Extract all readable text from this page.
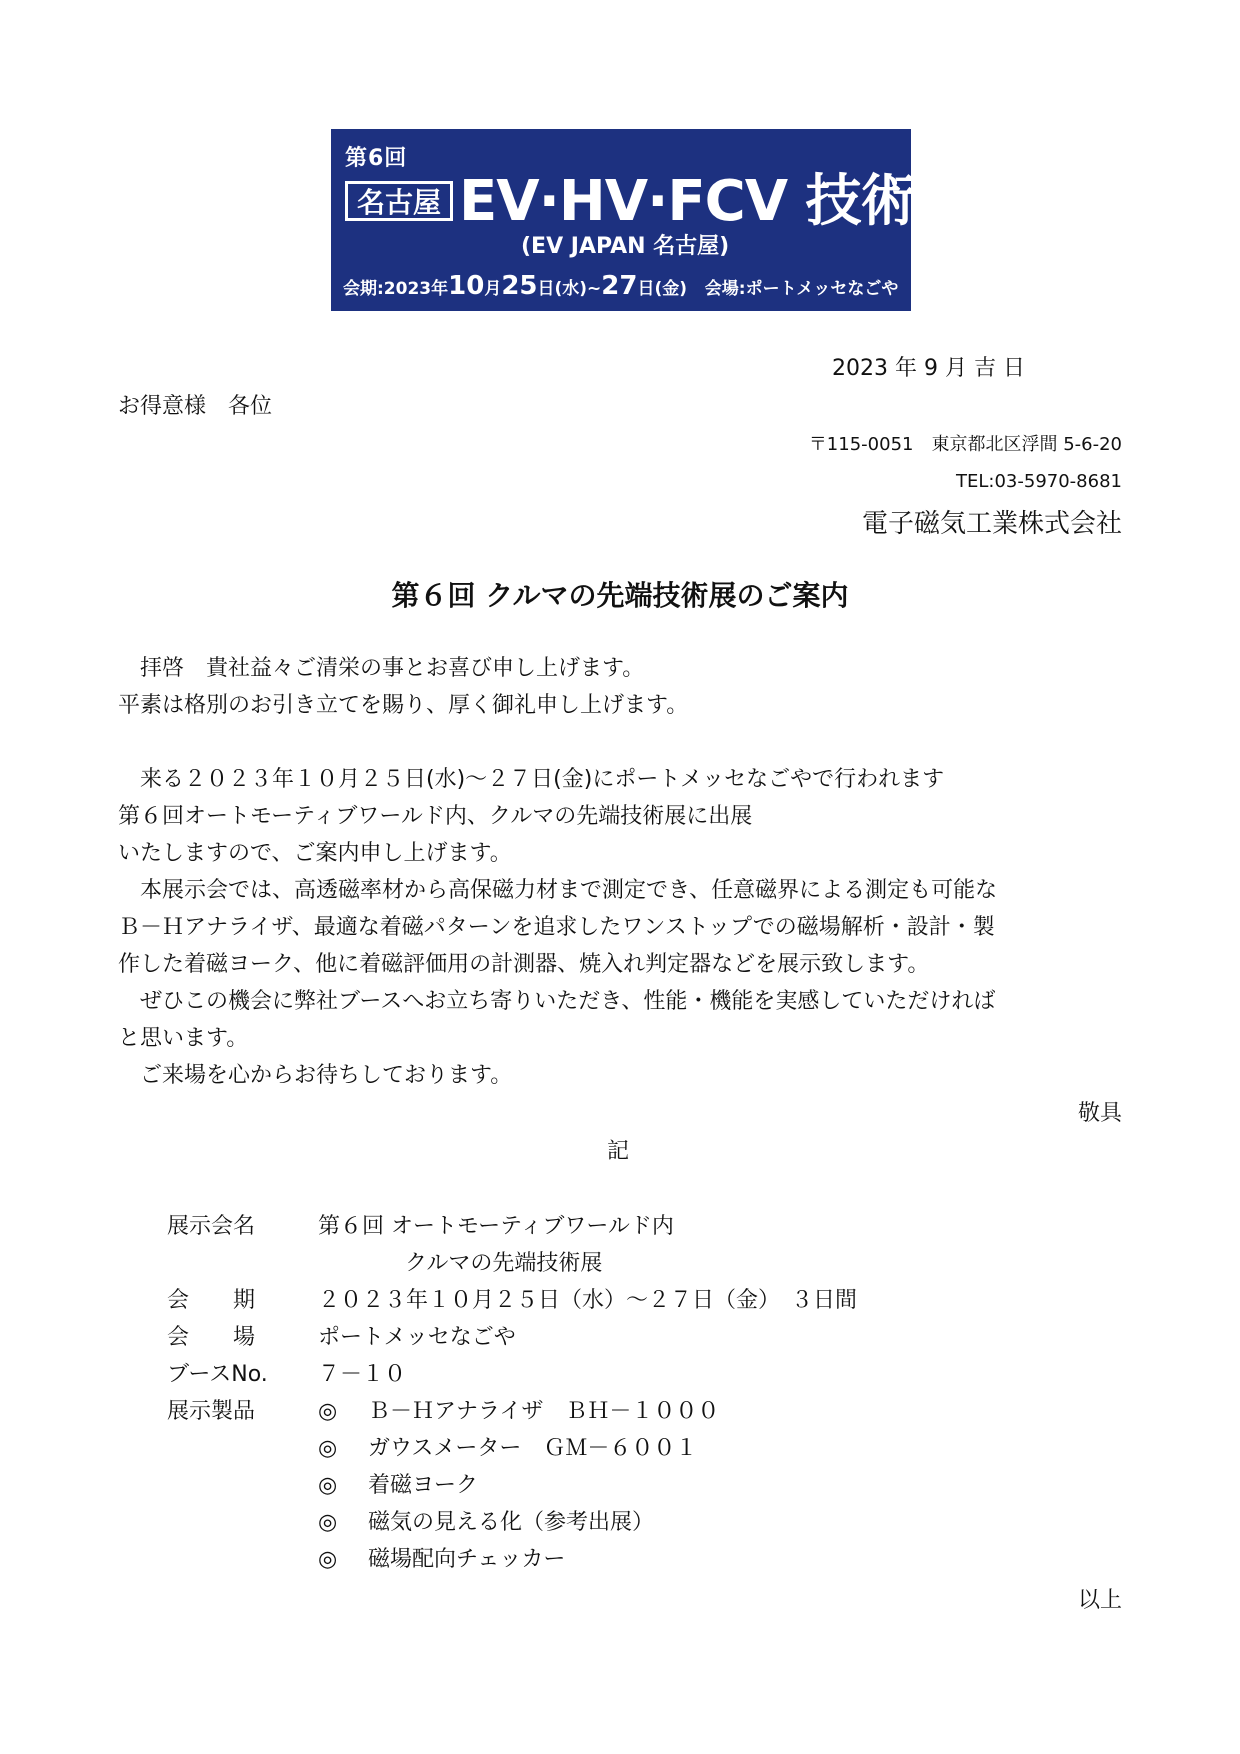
第6回
名古屋 EV·HV·FCV 技術展
(EV JAPAN 名古屋)
会期:2023年10月25日(水)~27日(金) 会場:ポートメッセなごや
2023 年 9 月 吉 日
お得意様　各位
〒115-0051　東京都北区浮間 5-6-20
TEL:03-5970-8681
電子磁気工業株式会社
第６回 クルマの先端技術展のご案内
　拝啓　貴社益々ご清栄の事とお喜び申し上げます。
平素は格別のお引き立てを賜り、厚く御礼申し上げます。
　来る２０２３年１０月２５日(水)～２７日(金)にポートメッセなごやで行われます
第６回オートモーティブワールド内、クルマの先端技術展に出展
いたしますので、ご案内申し上げます。
　本展示会では、高透磁率材から高保磁力材まで測定でき、任意磁界による測定も可能な
Ｂ－Ｈアナライザ、最適な着磁パターンを追求したワンストップでの磁場解析・設計・製
作した着磁ヨーク、他に着磁評価用の計測器、焼入れ判定器などを展示致します。
　ぜひこの機会に弊社ブースへお立ち寄りいただき、性能・機能を実感していただければ
と思います。
　ご来場を心からお待ちしております。
敬具
記
展示会名	第６回 オートモーティブワールド内
クルマの先端技術展
会　　期	２０２３年１０月２５日（水）～２７日（金）　３日間
会　　場	ポートメッセなごや
ブースNo. ７－１０
展示製品	◎ Ｂ－Ｈアナライザ　ＢＨ－１０００
◎ ガウスメーター　ＧＭ－６００１
◎ 着磁ヨーク
◎ 磁気の見える化（参考出展）
◎ 磁場配向チェッカー
以上
